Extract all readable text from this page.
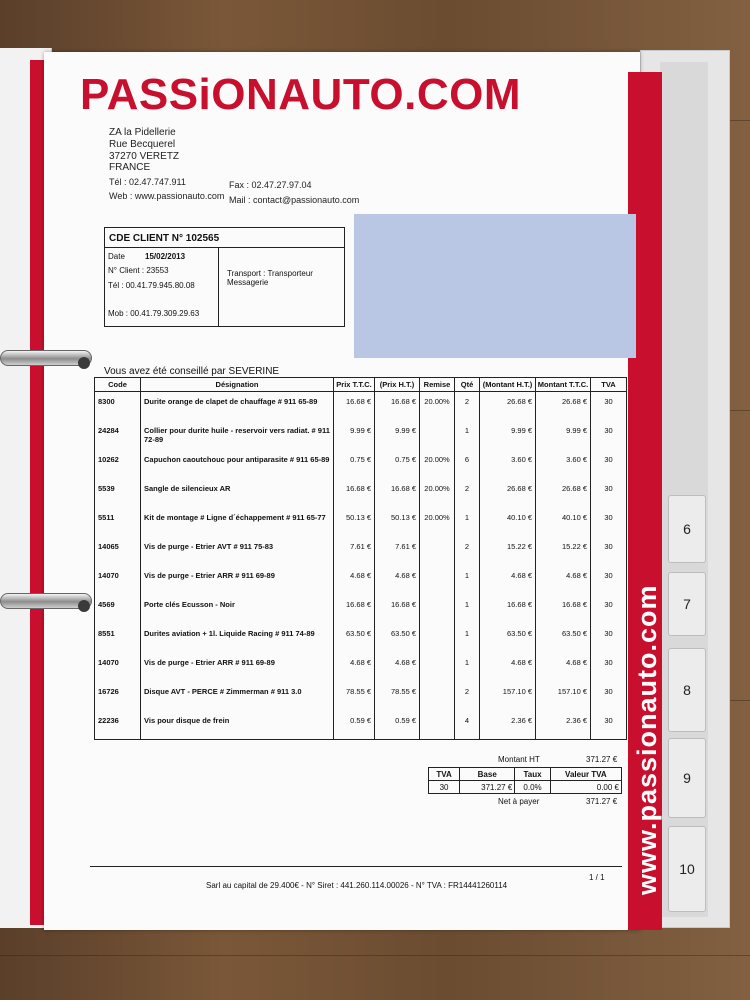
6
7
8
9
10
PASSiONAUTO.COM
ZA la Pidellerie
Rue Becquerel
37270 VERETZ
FRANCE
Tél : 02.47.747.911	Fax : 02.47.27.97.04
Web : www.passionauto.com Mail : contact@passionauto.com
CDE CLIENT N° 102565
Date	15/02/2013
N° Client : 23553
Tél : 00.41.79.945.80.08
Mob : 00.41.79.309.29.63
Transport : Transporteur
Messagerie
Vous avez été conseillé par SEVERINE
Code	Désignation	Prix T.T.C.	(Prix H.T.)	Remise	Qté	(Montant H.T.)	Montant T.T.C.	TVA
8300	Durite orange de clapet de chauffage # 911 65-89	16.68 €	16.68 €	20.00%	2	26.68 €	26.68 €	30
24284	Collier pour durite huile - reservoir vers radiat. # 911 72-89	9.99 €	9.99 €		1	9.99 €	9.99 €	30
10262	Capuchon caoutchouc pour antiparasite # 911 65-89	0.75 €	0.75 €	20.00%	6	3.60 €	3.60 €	30
5539	Sangle de silencieux AR	16.68 €	16.68 €	20.00%	2	26.68 €	26.68 €	30
5511	Kit de montage # Ligne d´échappement # 911 65-77	50.13 €	50.13 €	20.00%	1	40.10 €	40.10 €	30
14065	Vis de purge - Etrier AVT # 911 75-83	7.61 €	7.61 €		2	15.22 €	15.22 €	30
14070	Vis de purge - Etrier ARR # 911 69-89	4.68 €	4.68 €		1	4.68 €	4.68 €	30
4569	Porte clés Ecusson - Noir	16.68 €	16.68 €		1	16.68 €	16.68 €	30
8551	Durites aviation + 1l. Liquide Racing # 911 74-89	63.50 €	63.50 €		1	63.50 €	63.50 €	30
14070	Vis de purge - Etrier ARR # 911 69-89	4.68 €	4.68 €		1	4.68 €	4.68 €	30
16726	Disque AVT - PERCE # Zimmerman # 911 3.0	78.55 €	78.55 €		2	157.10 €	157.10 €	30
22236	Vis pour disque de frein	0.59 €	0.59 €		4	2.36 €	2.36 €	30
Montant HT	371.27 €
TVA	Base	Taux	Valeur TVA
30	371.27 €	0.0%	0.00 €
Net à payer	371.27 €
1 / 1
Sarl au capital de 29.400€ - N° Siret : 441.260.114.00026 - N° TVA : FR14441260114
